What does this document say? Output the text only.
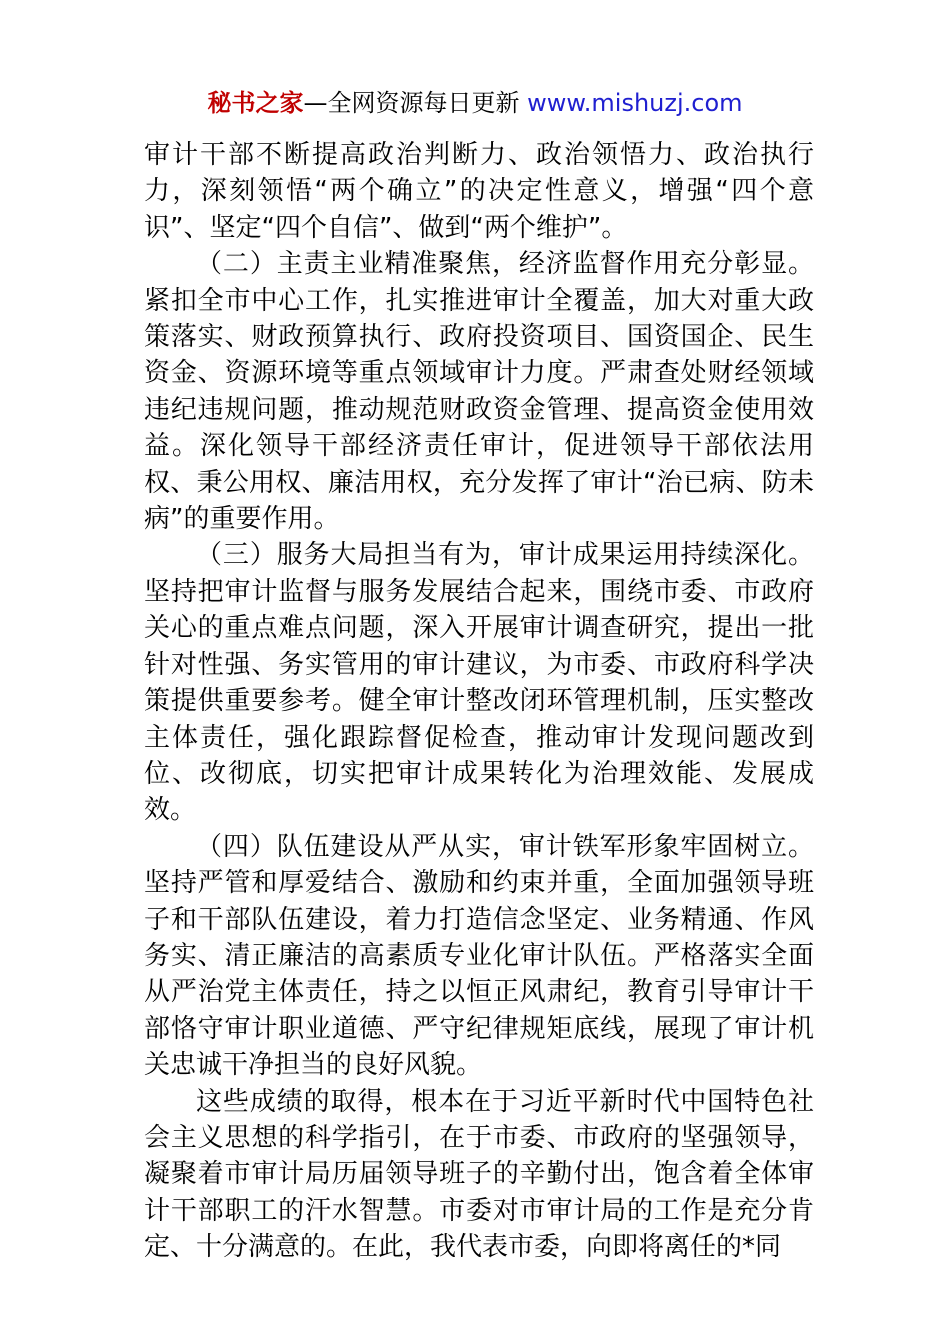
秘书之家—全网资源每日更新 www.mishuzj.com

审计干部不断提高政治判断力、政治领悟力、政治执行力，深刻领悟“两个确立”的决定性意义，增强“四个意识”、坚定“四个自信”、做到“两个维护”。

（二）主责主业精准聚焦，经济监督作用充分彰显。紧扣全市中心工作，扎实推进审计全覆盖，加大对重大政策落实、财政预算执行、政府投资项目、国资国企、民生资金、资源环境等重点领域审计力度。严肃查处财经领域违纪违规问题，推动规范财政资金管理、提高资金使用效益。深化领导干部经济责任审计，促进领导干部依法用权、秉公用权、廉洁用权，充分发挥了审计“治已病、防未病”的重要作用。

（三）服务大局担当有为，审计成果运用持续深化。坚持把审计监督与服务发展结合起来，围绕市委、市政府关心的重点难点问题，深入开展审计调查研究，提出一批针对性强、务实管用的审计建议，为市委、市政府科学决策提供重要参考。健全审计整改闭环管理机制，压实整改主体责任，强化跟踪督促检查，推动审计发现问题改到位、改彻底，切实把审计成果转化为治理效能、发展成效。

（四）队伍建设从严从实，审计铁军形象牢固树立。坚持严管和厚爱结合、激励和约束并重，全面加强领导班子和干部队伍建设，着力打造信念坚定、业务精通、作风务实、清正廉洁的高素质专业化审计队伍。严格落实全面从严治党主体责任，持之以恒正风肃纪，教育引导审计干部恪守审计职业道德、严守纪律规矩底线，展现了审计机关忠诚干净担当的良好风貌。

这些成绩的取得，根本在于习近平新时代中国特色社会主义思想的科学指引，在于市委、市政府的坚强领导，凝聚着市审计局历届领导班子的辛勤付出，饱含着全体审计干部职工的汗水智慧。市委对市审计局的工作是充分肯定、十分满意的。在此，我代表市委，向即将离任的*同
